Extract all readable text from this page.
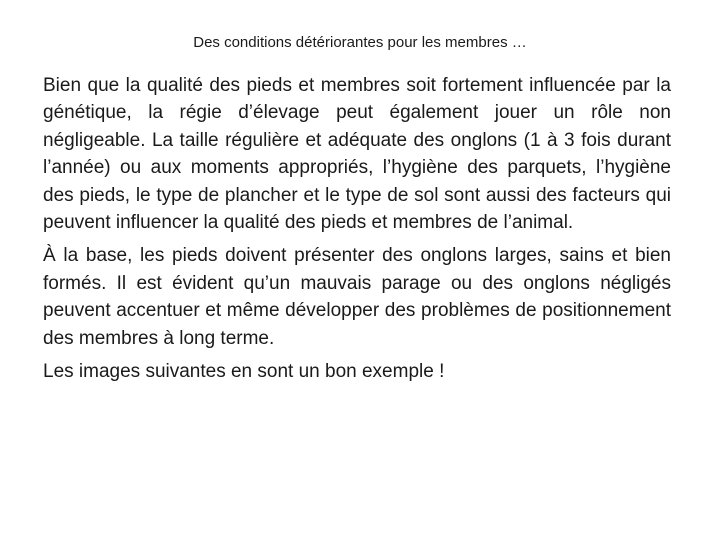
Des conditions détériorantes pour les membres …

Bien que la qualité des pieds et membres soit fortement influencée par la génétique, la régie d’élevage peut également jouer un rôle non négligeable. La taille régulière et adéquate des onglons (1 à 3 fois durant l’année) ou aux moments appropriés, l’hygiène des parquets, l’hygiène des pieds, le type de plancher et le type de sol sont aussi des facteurs qui peuvent influencer la qualité des pieds et membres de l’animal.

À la base, les pieds doivent présenter des onglons larges, sains et bien formés. Il est évident qu’un mauvais parage ou des onglons négligés peuvent accentuer et même développer des problèmes de positionnement des membres à long terme.

Les images suivantes en sont un bon exemple !
